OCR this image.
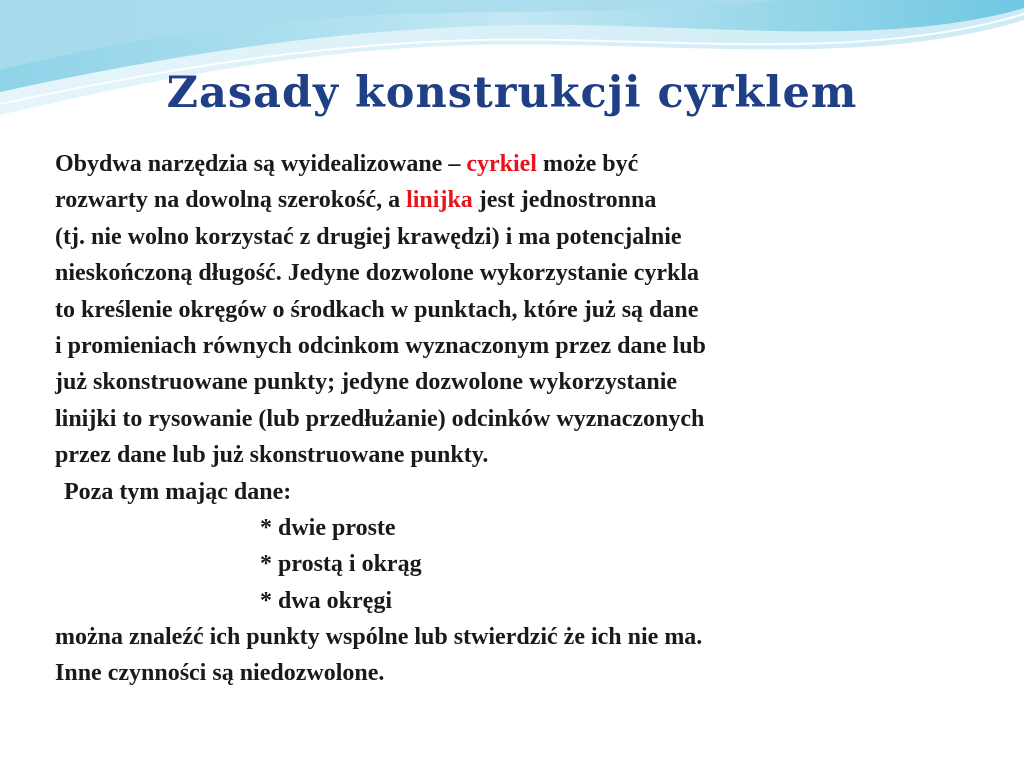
Zasady konstrukcji cyrklem
Obydwa narzędzia są wyidealizowane – cyrkiel może być
rozwarty na dowolną szerokość, a linijka jest jednostronna
(tj. nie wolno korzystać z drugiej krawędzi) i ma potencjalnie
nieskończoną długość. Jedyne dozwolone wykorzystanie cyrkla
to kreślenie okręgów o środkach w punktach, które już są dane
i promieniach równych odcinkom wyznaczonym przez dane lub
już skonstruowane punkty; jedyne dozwolone wykorzystanie
linijki to rysowanie (lub przedłużanie) odcinków wyznaczonych
przez dane lub już skonstruowane punkty.
Poza tym mając dane:
* dwie proste
* prostą i okrąg
* dwa okręgi
można znaleźć ich punkty wspólne lub stwierdzić że ich nie ma.
Inne czynności są niedozwolone.
